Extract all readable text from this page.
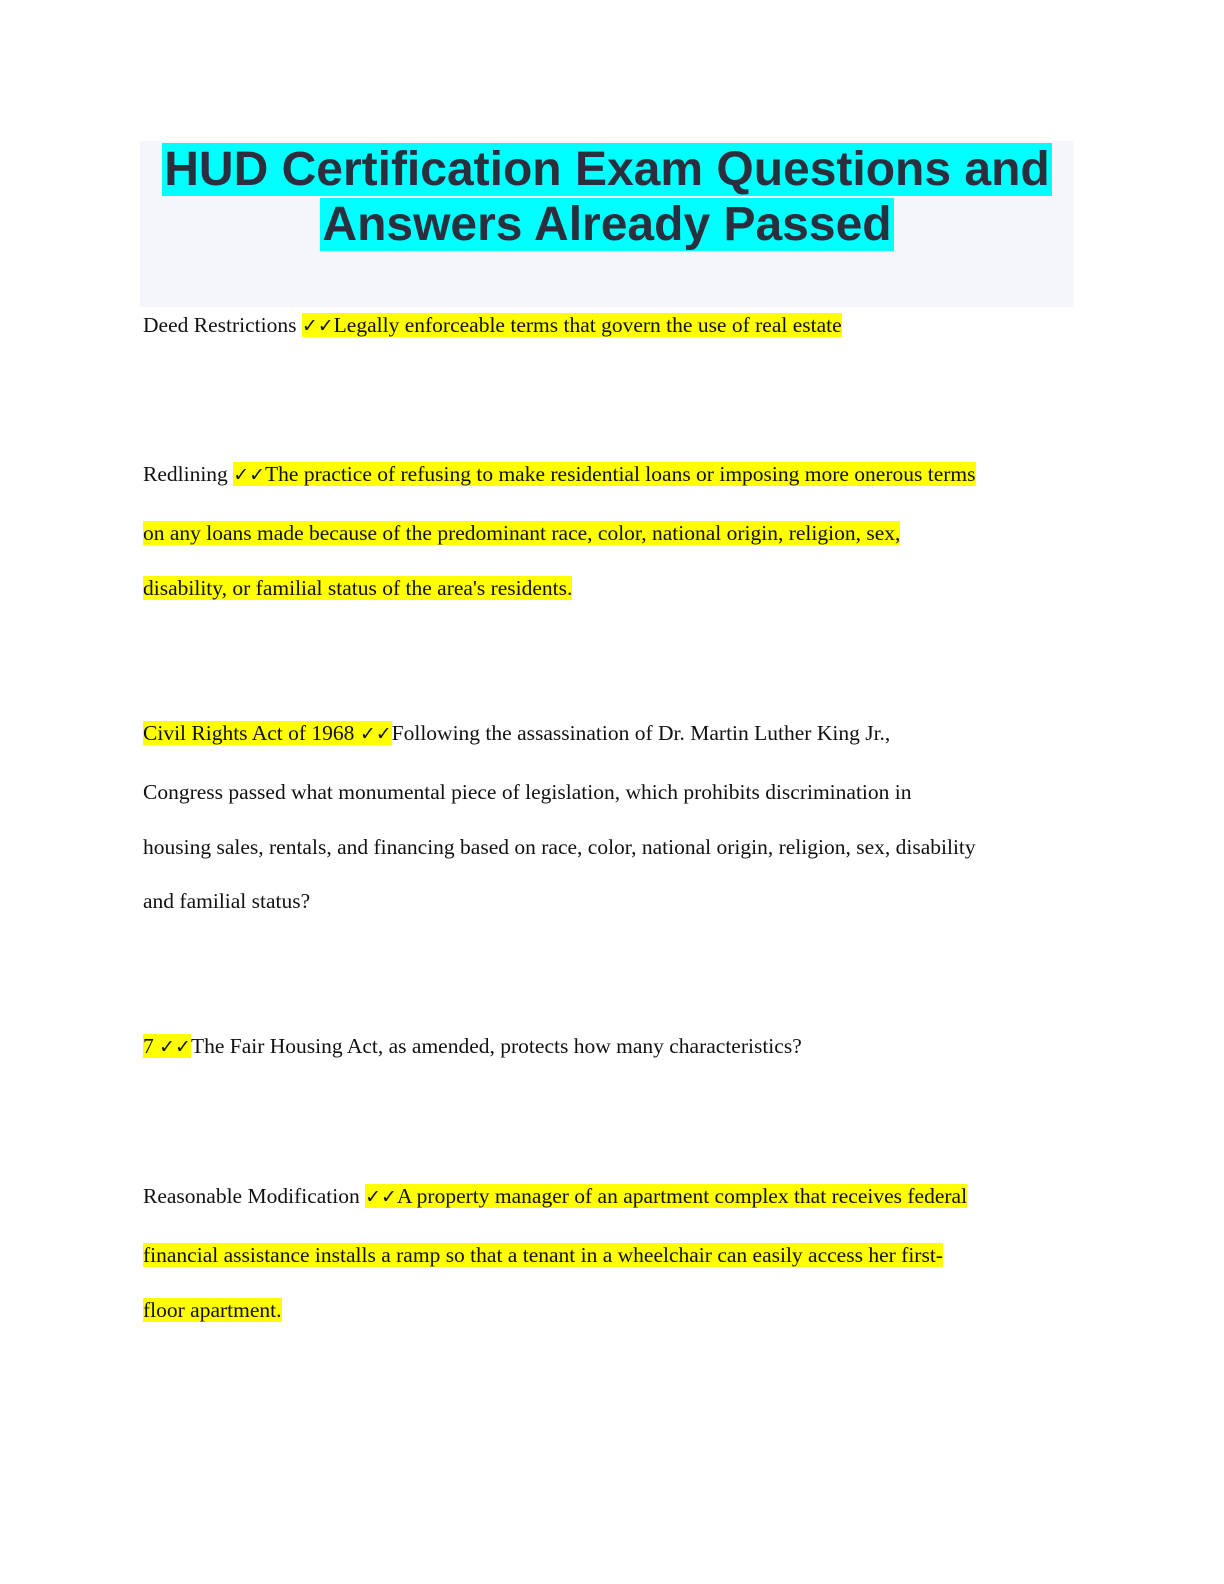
HUD Certification Exam Questions and
Answers Already Passed
Deed Restrictions ✓✓Legally enforceable terms that govern the use of real estate
Redlining ✓✓The practice of refusing to make residential loans or imposing more onerous terms
on any loans made because of the predominant race, color, national origin, religion, sex,
disability, or familial status of the area's residents.
Civil Rights Act of 1968 ✓✓Following the assassination of Dr. Martin Luther King Jr.,
Congress passed what monumental piece of legislation, which prohibits discrimination in
housing sales, rentals, and financing based on race, color, national origin, religion, sex, disability
and familial status?
7 ✓✓The Fair Housing Act, as amended, protects how many characteristics?
Reasonable Modification ✓✓A property manager of an apartment complex that receives federal
financial assistance installs a ramp so that a tenant in a wheelchair can easily access her first-
floor apartment.
